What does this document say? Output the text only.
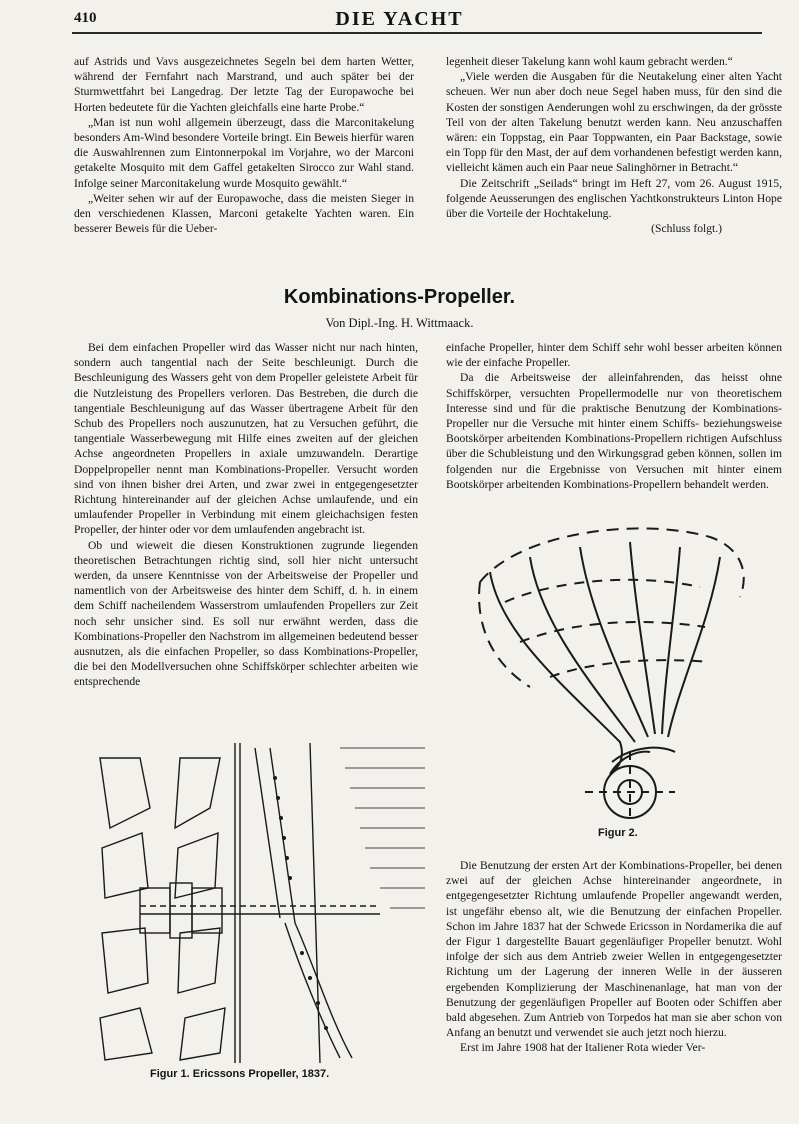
410	DIE YACHT

auf Astrids und Vavs ausgezeichnetes Segeln bei dem harten Wetter, während der Fernfahrt nach Marstrand, und auch später bei der Sturmwettfahrt bei Langedrag. Der letzte Tag der Europawoche bei Horten bedeutete für die Yachten gleichfalls eine harte Probe.“

„Man ist nun wohl allgemein überzeugt, dass die Marconitakelung besonders Am-Wind besondere Vorteile bringt. Ein Beweis hierfür waren die Auswahlrennen zum Eintonnerpokal im Vorjahre, wo der Marconi getakelte Mosquito mit dem Gaffel getakelten Sirocco zur Wahl stand. Infolge seiner Marconitakelung wurde Mosquito gewählt.“

„Weiter sehen wir auf der Europawoche, dass die meisten Sieger in den verschiedenen Klassen, Marconi getakelte Yachten waren. Ein besserer Beweis für die Ueber-

legenheit dieser Takelung kann wohl kaum gebracht werden.“

„Viele werden die Ausgaben für die Neutakelung einer alten Yacht scheuen. Wer nun aber doch neue Segel haben muss, für den sind die Kosten der sonstigen Aenderungen wohl zu erschwingen, da der grösste Teil von der alten Takelung benutzt werden kann. Neu anzuschaffen wären: ein Toppstag, ein Paar Toppwanten, ein Paar Backstage, sowie ein Topp für den Mast, der auf dem vorhandenen befestigt werden kann, vielleicht kämen auch ein Paar neue Salinghörner in Betracht.“

Die Zeitschrift „Seilads“ bringt im Heft 27, vom 26. August 1915, folgende Aeusserungen des englischen Yachtkonstrukteurs Linton Hope über die Vorteile der Hochtakelung.

(Schluss folgt.)

Kombinations-Propeller.
Von Dipl.-Ing. H. Wittmaack.

Bei dem einfachen Propeller wird das Wasser nicht nur nach hinten, sondern auch tangential nach der Seite beschleunigt. Durch die Beschleunigung des Wassers geht von dem Propeller geleistete Arbeit für die Nutzleistung des Propellers verloren. Das Bestreben, die durch die tangentiale Beschleunigung auf das Wasser übertragene Arbeit für den Schub des Propellers noch auszunutzen, hat zu Versuchen geführt, die tangentiale Wasserbewegung mit Hilfe eines zweiten auf der gleichen Achse angeordneten Propellers in axiale umzuwandeln. Derartige Doppelpropeller nennt man Kombinations-Propeller. Versucht worden sind von ihnen bisher drei Arten, und zwar zwei in entgegengesetzter Richtung hintereinander auf der gleichen Achse umlaufende, und ein umlaufender Propeller in Verbindung mit einem gleichachsigen festen Propeller, der hinter oder vor dem umlaufenden angebracht ist.

Ob und wieweit die diesen Konstruktionen zugrunde liegenden theoretischen Betrachtungen richtig sind, soll hier nicht untersucht werden, da unsere Kenntnisse von der Arbeitsweise der Propeller und namentlich von der Arbeitsweise des hinter dem Schiff, d. h. in einem dem Schiff nacheilendem Wasserstrom umlaufenden Propellers zur Zeit noch sehr unsicher sind. Es soll nur erwähnt werden, dass die Kombinations-Propeller den Nachstrom im allgemeinen bedeutend besser ausnutzen, als die einfachen Propeller, so dass Kombinations-Propeller, die bei den Modellversuchen ohne Schiffskörper schlechter arbeiten wie entsprechende

einfache Propeller, hinter dem Schiff sehr wohl besser arbeiten können wie der einfache Propeller.

Da die Arbeitsweise der alleinfahrenden, das heisst ohne Schiffskörper, versuchten Propellermodelle nur von theoretischem Interesse sind und für die praktische Benutzung der Kombinations-Propeller nur die Versuche mit hinter einem Schiffs- beziehungsweise Bootskörper arbeitenden Kombinations-Propellern richtigen Aufschluss über die Schubleistung und den Wirkungsgrad geben können, sollen im folgenden nur die Ergebnisse von Versuchen mit hinter einem Bootskörper arbeitenden Kombinations-Propellern behandelt werden.

Figur 2.
Figur 1. Ericssons Propeller, 1837.

Die Benutzung der ersten Art der Kombinations-Propeller, bei denen zwei auf der gleichen Achse hintereinander angeordnete, in entgegengesetzter Richtung umlaufende Propeller angewandt werden, ist ungefähr ebenso alt, wie die Benutzung der einfachen Propeller. Schon im Jahre 1837 hat der Schwede Ericsson in Nordamerika die auf der Figur 1 dargestellte Bauart gegenläufiger Propeller benutzt. Wohl infolge der sich aus dem Antrieb zweier Wellen in entgegengesetzter Richtung um der Lagerung der inneren Welle in der äusseren ergebenden Komplizierung der Maschinenanlage, hat man von der Benutzung der gegenläufigen Propeller auf Booten oder Schiffen aber bald abgesehen. Zum Antrieb von Torpedos hat man sie aber schon von Anfang an benutzt und verwendet sie auch jetzt noch hierzu.

Erst im Jahre 1908 hat der Italiener Rota wieder Ver-
